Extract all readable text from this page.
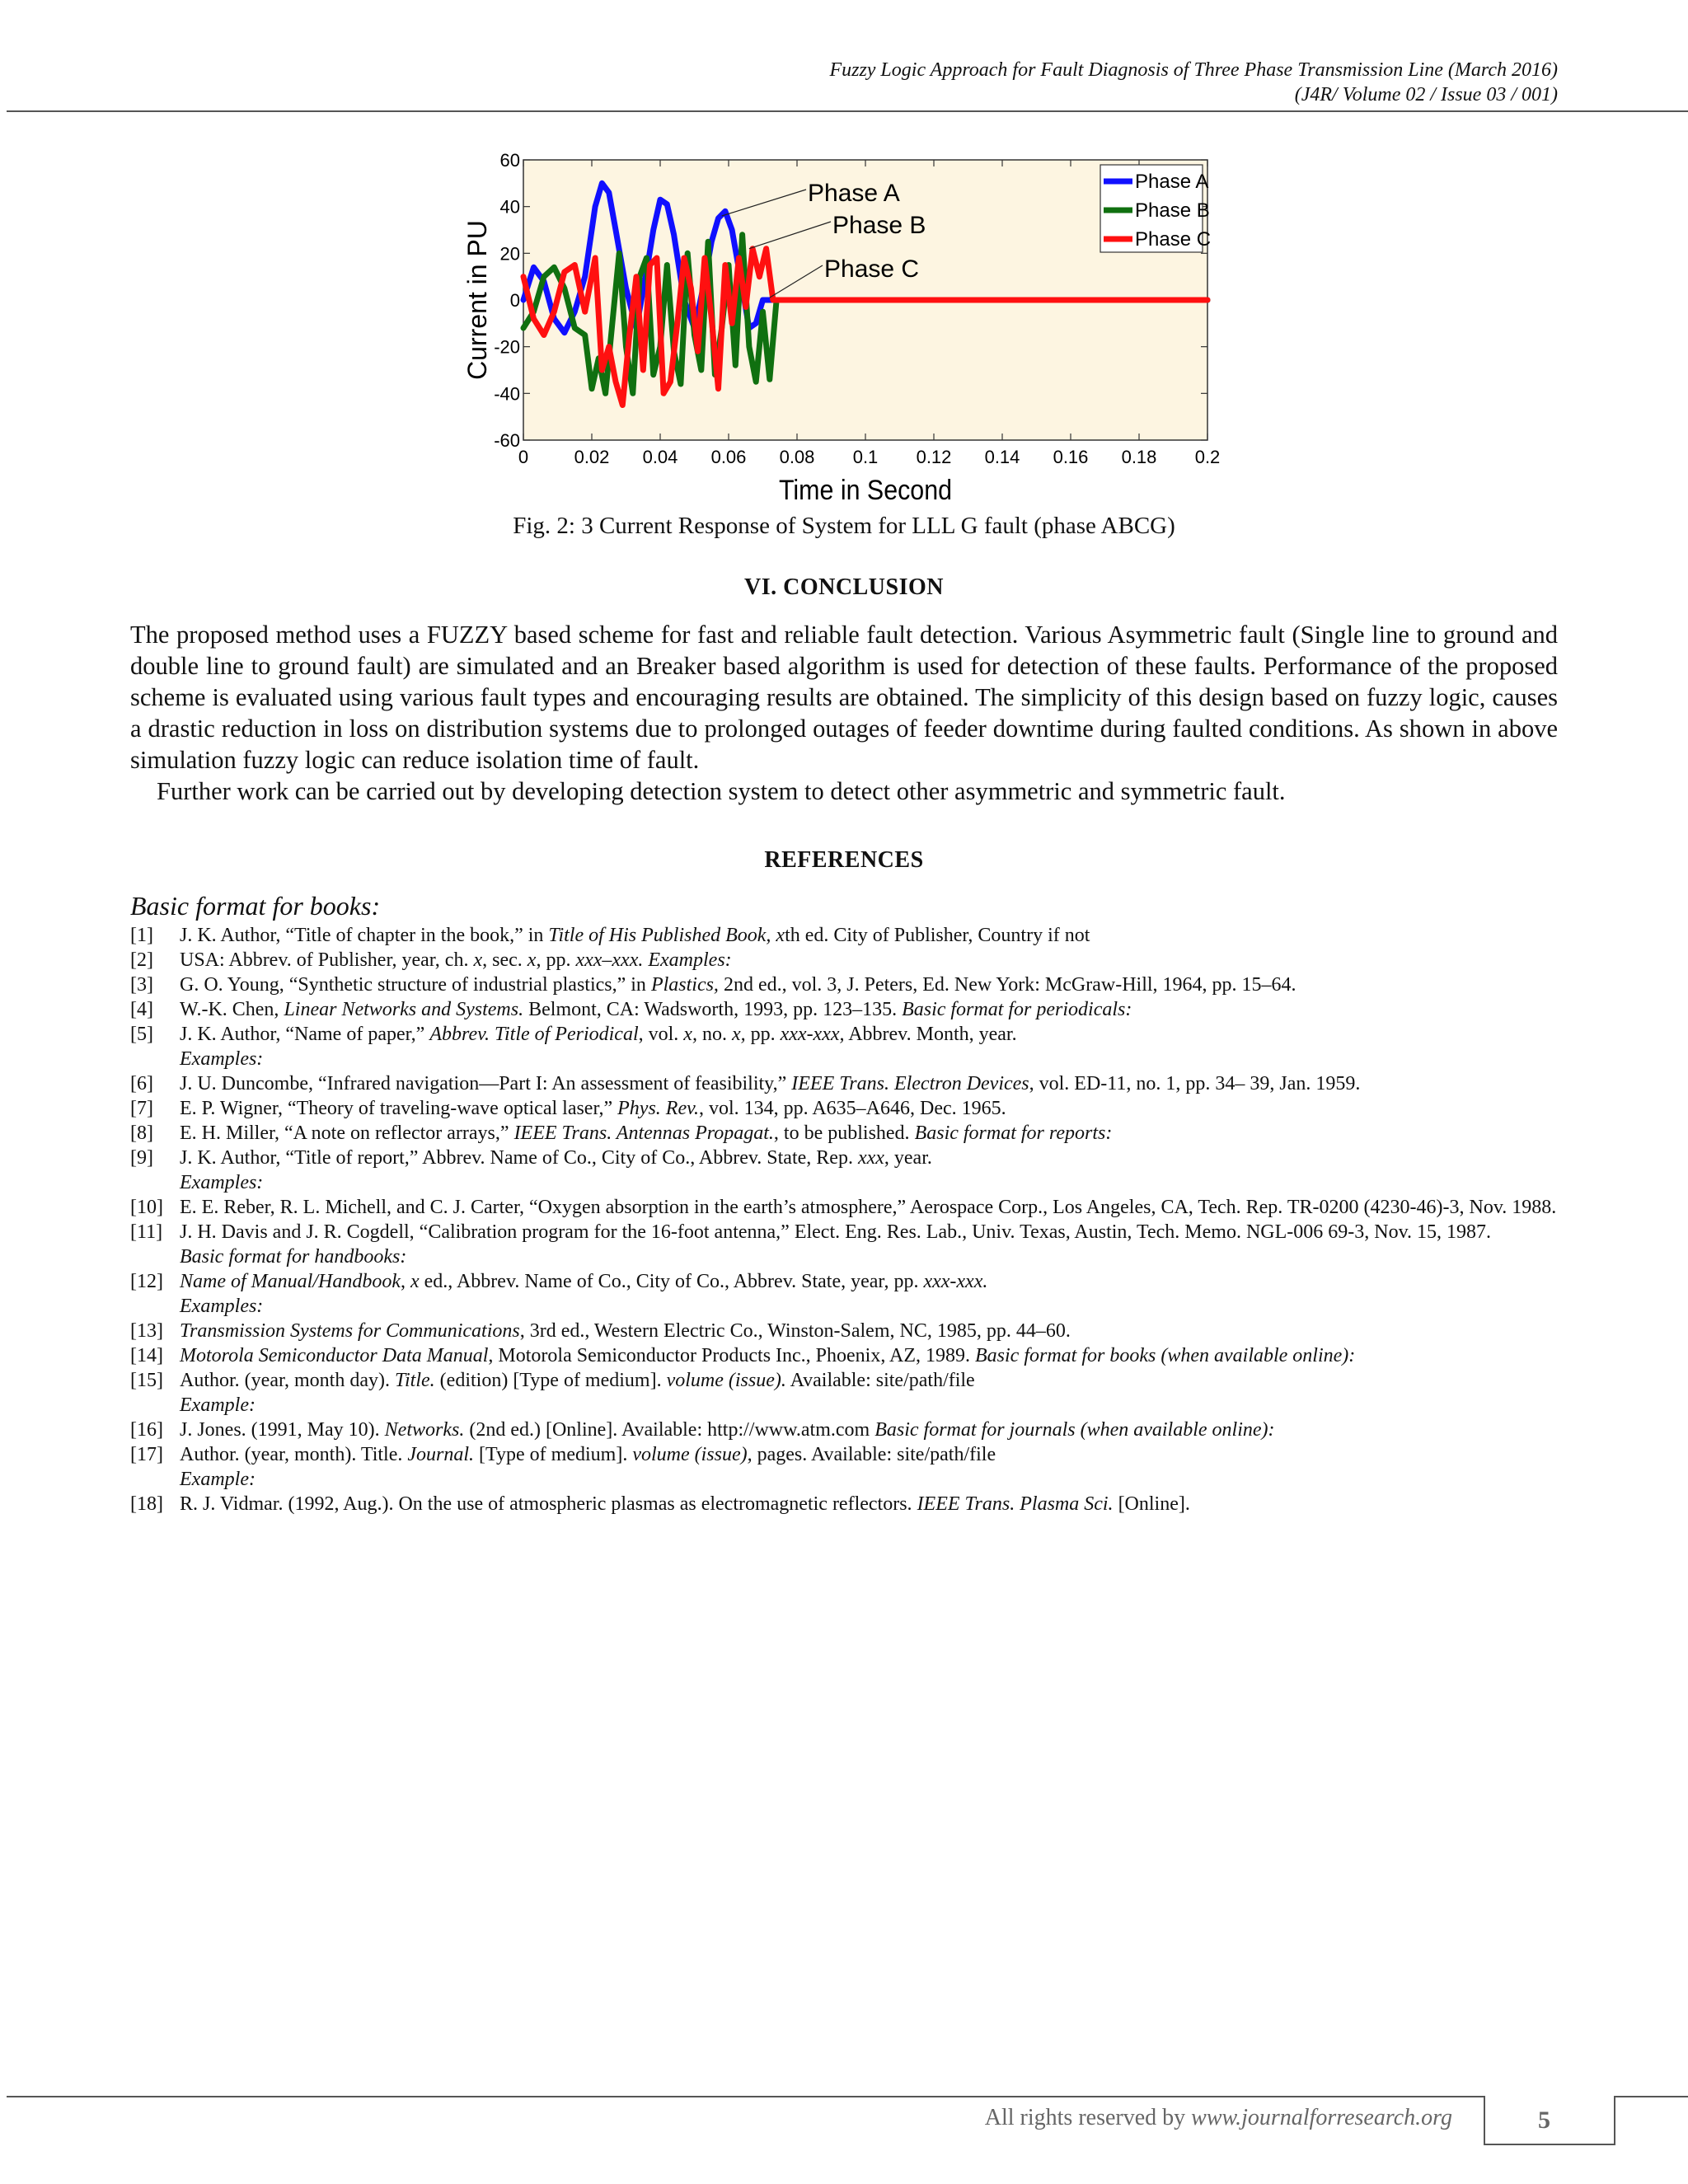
Fuzzy Logic Approach for Fault Diagnosis of Three Phase Transmission Line (March 2016)
(J4R/ Volume 02 / Issue 03 / 001)
60
40
20
0
-20
-40
-60
0	0.02 0.04 0.06 0.08 0.1 0.12 0.14 0.16 0.18 0.2
Current in PU
Time in Second
Phase A
Phase B
Phase C
Phase A
Phase B
Phase C
Fig. 2: 3 Current Response of System for LLL G fault (phase ABCG)
VI. CONCLUSION

The proposed method uses a FUZZY based scheme for fast and reliable fault detection. Various Asymmetric fault (Single line to ground and double line to ground fault) are simulated and an Breaker based algorithm is used for detection of these faults. Performance of the proposed scheme is evaluated using various fault types and encouraging results are obtained. The simplicity of this design based on fuzzy logic, causes a drastic reduction in loss on distribution systems due to prolonged outages of feeder downtime during faulted conditions. As shown in above simulation fuzzy logic can reduce isolation time of fault.

Further work can be carried out by developing detection system to detect other asymmetric and symmetric fault.

REFERENCES
Basic format for books:
[1]	J. K. Author, “Title of chapter in the book,” in Title of His Published Book, xth ed. City of Publisher, Country if not
[2]	USA: Abbrev. of Publisher, year, ch. x, sec. x, pp. xxx–xxx. Examples:
[3]	G. O. Young, “Synthetic structure of industrial plastics,” in Plastics, 2nd ed., vol. 3, J. Peters, Ed. New York: McGraw-Hill, 1964, pp. 15–64.
[4]	W.-K. Chen, Linear Networks and Systems. Belmont, CA: Wadsworth, 1993, pp. 123–135. Basic format for periodicals:
[5]	J. K. Author, “Name of paper,” Abbrev. Title of Periodical, vol. x, no. x, pp. xxx-xxx, Abbrev. Month, year.
Examples:
[6]	J. U. Duncombe, “Infrared navigation—Part I: An assessment of feasibility,” IEEE Trans. Electron Devices, vol. ED-11, no. 1, pp. 34– 39, Jan. 1959.
[7]	E. P. Wigner, “Theory of traveling-wave optical laser,” Phys. Rev., vol. 134, pp. A635–A646, Dec. 1965.
[8]	E. H. Miller, “A note on reflector arrays,” IEEE Trans. Antennas Propagat., to be published. Basic format for reports:
[9]	J. K. Author, “Title of report,” Abbrev. Name of Co., City of Co., Abbrev. State, Rep. xxx, year.
Examples:
[10] E. E. Reber, R. L. Michell, and C. J. Carter, “Oxygen absorption in the earth’s atmosphere,” Aerospace Corp., Los Angeles, CA, Tech. Rep. TR-0200 (4230-46)-3, Nov. 1988.
[11] J. H. Davis and J. R. Cogdell, “Calibration program for the 16-foot antenna,” Elect. Eng. Res. Lab., Univ. Texas, Austin, Tech. Memo. NGL-006 69-3, Nov. 15, 1987.
Basic format for handbooks:
[12] Name of Manual/Handbook, x ed., Abbrev. Name of Co., City of Co., Abbrev. State, year, pp. xxx-xxx.
Examples:
[13] Transmission Systems for Communications, 3rd ed., Western Electric Co., Winston-Salem, NC, 1985, pp. 44–60.
[14] Motorola Semiconductor Data Manual, Motorola Semiconductor Products Inc., Phoenix, AZ, 1989. Basic format for books (when available online):
[15] Author. (year, month day). Title. (edition) [Type of medium]. volume (issue). Available: site/path/file
Example:
[16] J. Jones. (1991, May 10). Networks. (2nd ed.) [Online]. Available: http://www.atm.com Basic format for journals (when available online):
[17] Author. (year, month). Title. Journal. [Type of medium]. volume (issue), pages. Available: site/path/file
Example:
[18] R. J. Vidmar. (1992, Aug.). On the use of atmospheric plasmas as electromagnetic reflectors. IEEE Trans. Plasma Sci. [Online].
All rights reserved by www.journalforresearch.org	5
